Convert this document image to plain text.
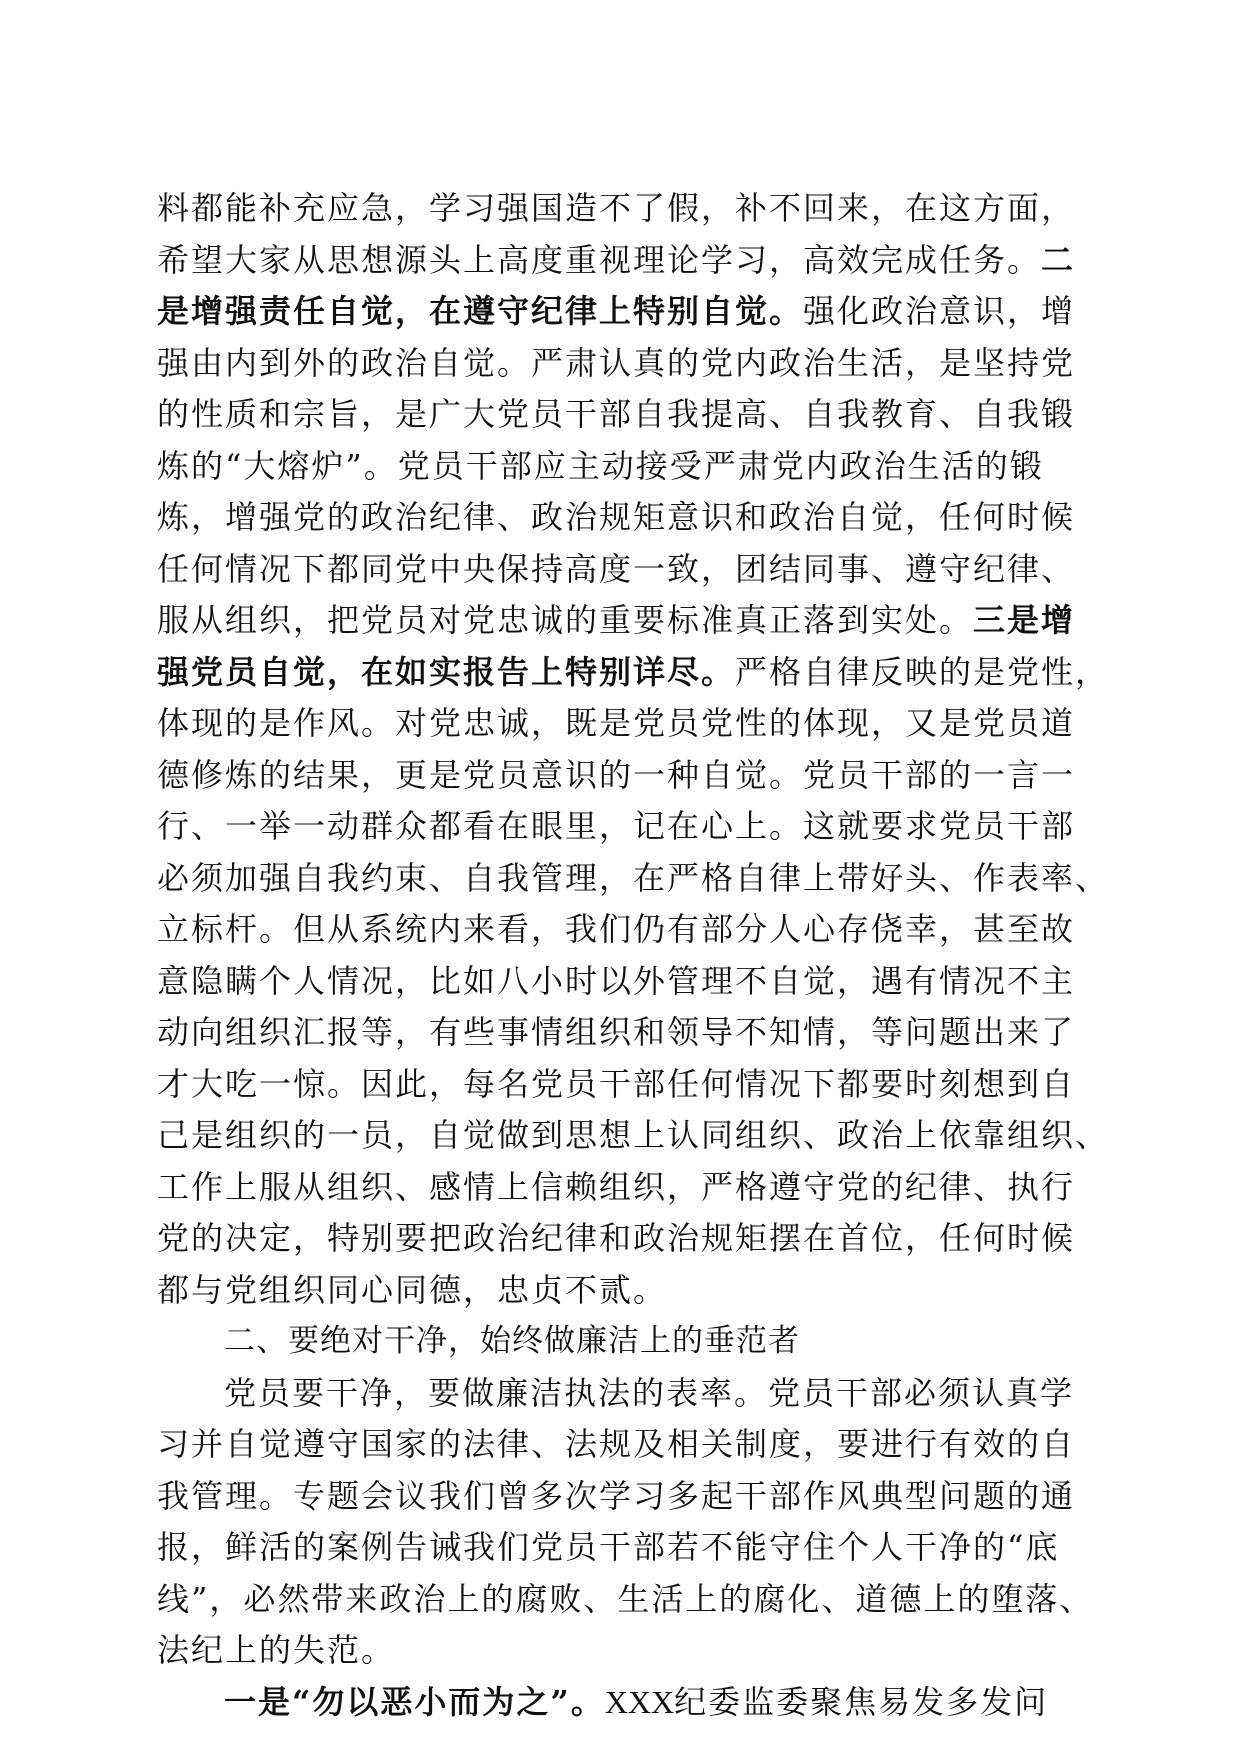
料都能补充应急，学习强国造不了假，补不回来，在这方面，
希望大家从思想源头上高度重视理论学习，高效完成任务。二
是增强责任自觉，在遵守纪律上特别自觉。强化政治意识，增
强由内到外的政治自觉。严肃认真的党内政治生活，是坚持党
的性质和宗旨，是广大党员干部自我提高、自我教育、自我锻
炼的“大熔炉”。党员干部应主动接受严肃党内政治生活的锻
炼，增强党的政治纪律、政治规矩意识和政治自觉，任何时候
任何情况下都同党中央保持高度一致，团结同事、遵守纪律、
服从组织，把党员对党忠诚的重要标准真正落到实处。三是增
强党员自觉，在如实报告上特别详尽。严格自律反映的是党性，
体现的是作风。对党忠诚，既是党员党性的体现，又是党员道
德修炼的结果，更是党员意识的一种自觉。党员干部的一言一
行、一举一动群众都看在眼里，记在心上。这就要求党员干部
必须加强自我约束、自我管理，在严格自律上带好头、作表率、
立标杆。但从系统内来看，我们仍有部分人心存侥幸，甚至故
意隐瞒个人情况，比如八小时以外管理不自觉，遇有情况不主
动向组织汇报等，有些事情组织和领导不知情，等问题出来了
才大吃一惊。因此，每名党员干部任何情况下都要时刻想到自
己是组织的一员，自觉做到思想上认同组织、政治上依靠组织、
工作上服从组织、感情上信赖组织，严格遵守党的纪律、执行
党的决定，特别要把政治纪律和政治规矩摆在首位，任何时候
都与党组织同心同德，忠贞不贰。
二、要绝对干净，始终做廉洁上的垂范者
党员要干净，要做廉洁执法的表率。党员干部必须认真学
习并自觉遵守国家的法律、法规及相关制度，要进行有效的自
我管理。专题会议我们曾多次学习多起干部作风典型问题的通
报，鲜活的案例告诫我们党员干部若不能守住个人干净的“底
线”，必然带来政治上的腐败、生活上的腐化、道德上的堕落、
法纪上的失范。
一是“勿以恶小而为之”。XXX纪委监委聚焦易发多发问
